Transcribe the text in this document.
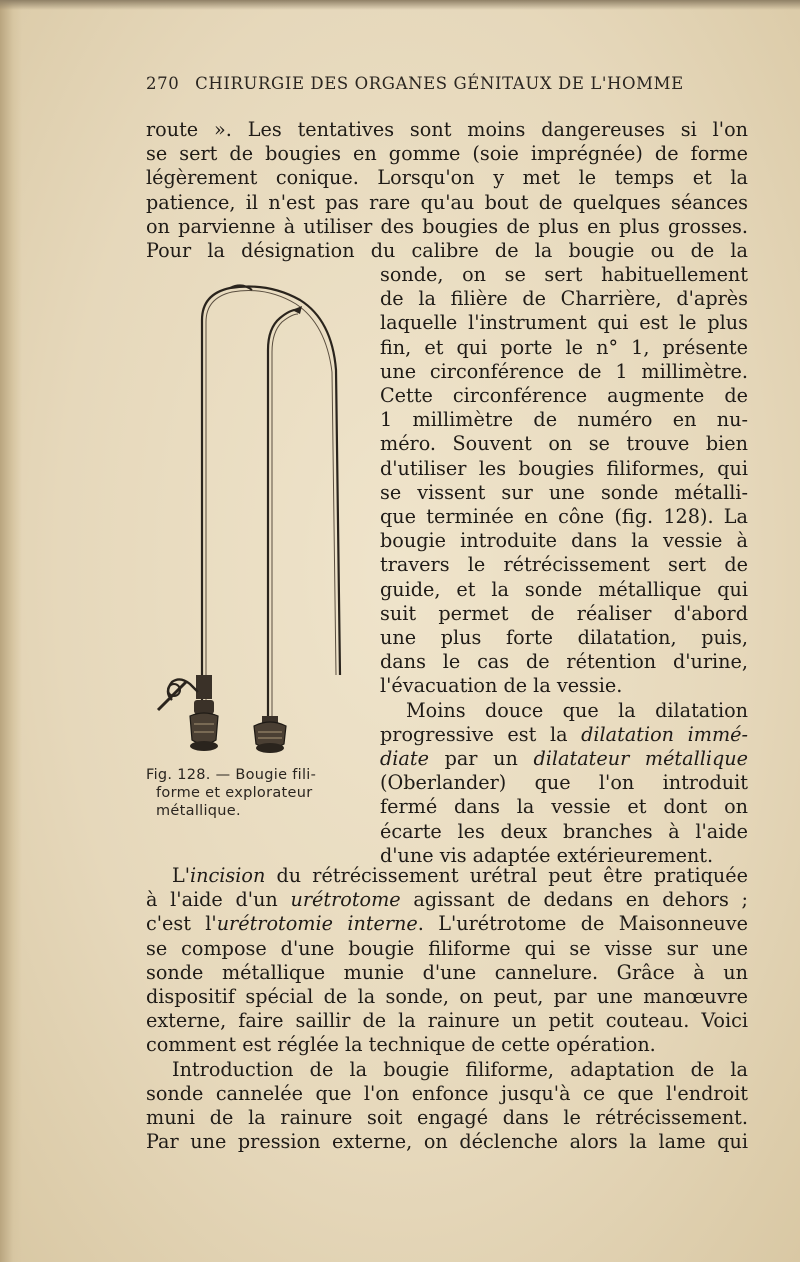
270 CHIRURGIE DES ORGANES GÉNITAUX DE L'HOMME
route ». Les tentatives sont moins dangereuses si l'on
se sert de bougies en gomme (soie imprégnée) de forme
légèrement conique. Lorsqu'on y met le temps et la
patience, il n'est pas rare qu'au bout de quelques séances
on parvienne à utiliser des bougies de plus en plus grosses.
Pour la désignation du calibre de la bougie ou de la
sonde, on se sert habituellement
de la filière de Charrière, d'après
laquelle l'instrument qui est le plus
fin, et qui porte le n° 1, présente
une circonférence de 1 millimètre.
Cette circonférence augmente de
1 millimètre de numéro en nu-
méro. Souvent on se trouve bien
d'utiliser les bougies filiformes, qui
se vissent sur une sonde métalli-
que terminée en cône (fig. 128). La
bougie introduite dans la vessie à
travers le rétrécissement sert de
guide, et la sonde métallique qui
suit permet de réaliser d'abord
une plus forte dilatation, puis,
dans le cas de rétention d'urine,
l'évacuation de la vessie.
Moins douce que la dilatation
progressive est la dilatation immé-
diate par un dilatateur métallique
(Oberlander) que l'on introduit
fermé dans la vessie et dont on
écarte les deux branches à l'aide
d'une vis adaptée extérieurement.
Fig. 128. — Bougie fili-
forme et explorateur
métallique.
L'incision du rétrécissement urétral peut être pratiquée
à l'aide d'un urétrotome agissant de dedans en dehors ;
c'est l'urétrotomie interne. L'urétrotome de Maisonneuve
se compose d'une bougie filiforme qui se visse sur une
sonde métallique munie d'une cannelure. Grâce à un
dispositif spécial de la sonde, on peut, par une manœuvre
externe, faire saillir de la rainure un petit couteau. Voici
comment est réglée la technique de cette opération.
Introduction de la bougie filiforme, adaptation de la
sonde cannelée que l'on enfonce jusqu'à ce que l'endroit
muni de la rainure soit engagé dans le rétrécissement.
Par une pression externe, on déclenche alors la lame qui
